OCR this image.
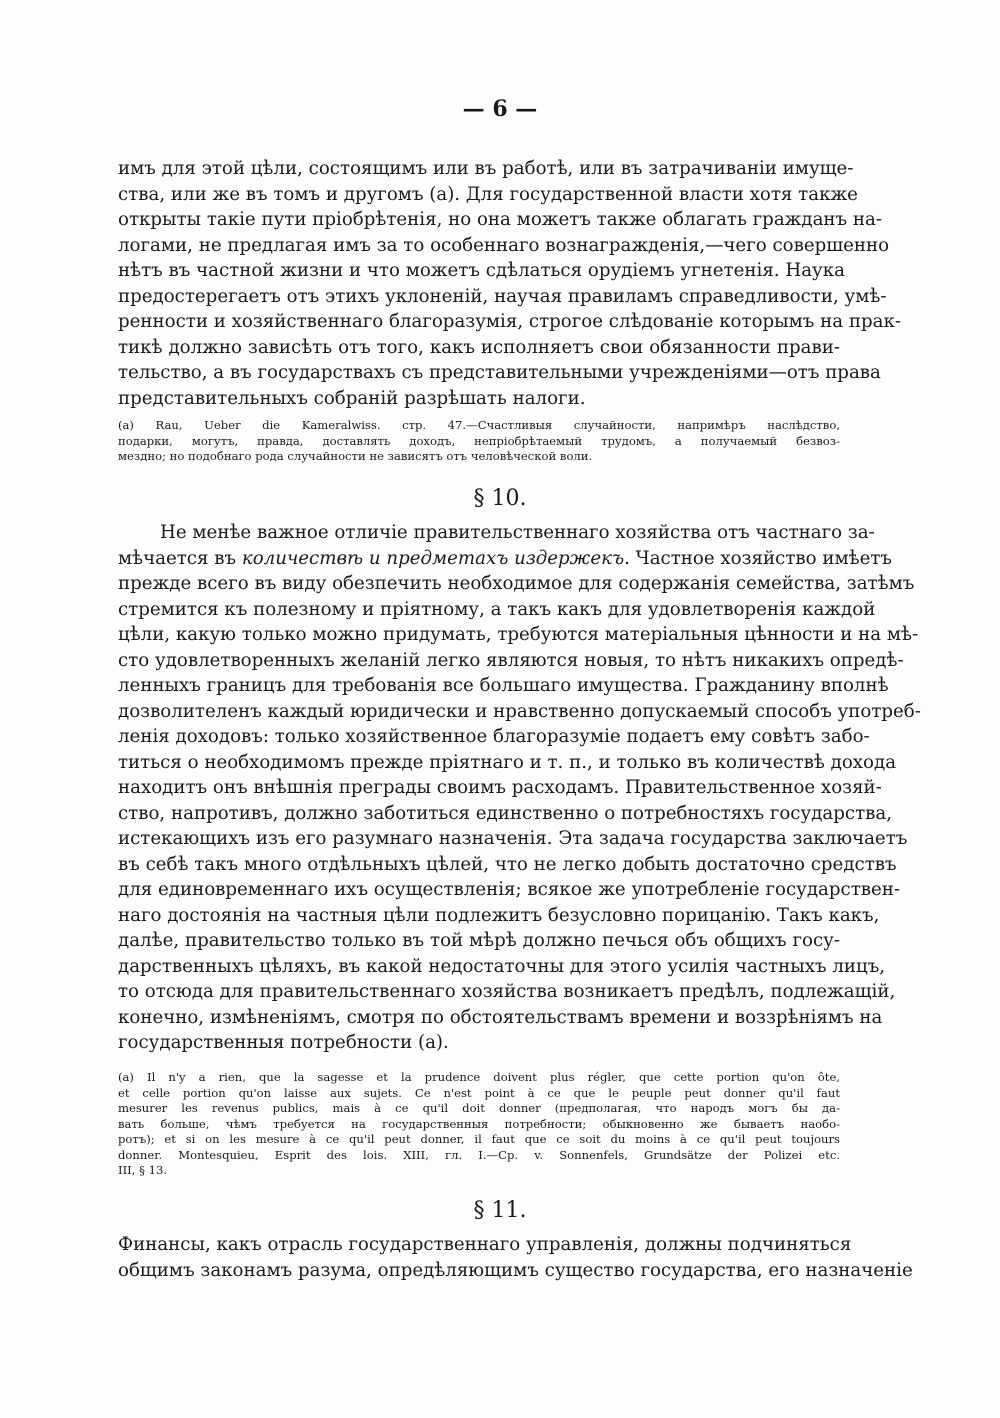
— 6 —
имъ для этой цѣли, состоящимъ или въ работѣ, или въ затрачиваніи имущe-
ства, или же въ томъ и другомъ (а). Для государственной власти хотя также
открыты такіе пути пріобрѣтенія, но она можетъ также облагать гражданъ на-
логами, не предлагая имъ за то особеннаго вознагражденія,—чего совершенно
нѣтъ въ частной жизни и что можетъ сдѣлаться орудіемъ угнетенія. Наука
предостерегаетъ отъ этихъ уклоненій, научая правиламъ справедливости, умѣ-
ренности и хозяйственнаго благоразумія, строгое слѣдованіе которымъ на прак-
тикѣ должно зависѣть отъ того, какъ исполняетъ свои обязанности прави-
тельство, а въ государствахъ съ представительными учрежденіями—отъ права
представительныхъ собраній разрѣшать налоги.
(а) Rau, Ueber die Kameralwiss. стр. 47.—Счастливыя случайности, напримѣръ наслѣдство,
подарки, могутъ, правда, доставлять доходъ, непріобрѣтаемый трудомъ, а получаемый безвоз-
мездно; но подобнаго рода случайности не зависятъ отъ человѣческой воли.
§ 10.
Не менѣе важное отличіе правительственнаго хозяйства отъ частнаго за-
мѣчается въ количествѣ и предметахъ издержекъ. Частное хозяйство имѣетъ
прежде всего въ виду обезпечить необходимое для содержанія семейства, затѣмъ
стремится къ полезному и пріятному, а такъ какъ для удовлетворенія каждой
цѣли, какую только можно придумать, требуются матеріальныя цѣнности и на мѣ-
сто удовлетворенныхъ желаній легко являются новыя, то нѣтъ никакихъ опредѣ-
ленныхъ границъ для требованія все большаго имущества. Гражданину вполнѣ
дозволителенъ каждый юридически и нравственно допускаемый способъ употреб-
ленія доходовъ: только хозяйственное благоразуміе подаетъ ему совѣтъ забо-
титься о необходимомъ прежде пріятнаго и т. п., и только въ количествѣ дохода
находитъ онъ внѣшнія преграды своимъ расходамъ. Правительственное хозяй-
ство, напротивъ, должно заботиться единственно о потребностяхъ государства,
истекающихъ изъ его разумнаго назначенія. Эта задача государства заключаетъ
въ себѣ такъ много отдѣльныхъ цѣлей, что не легко добыть достаточно средствъ
для единовременнаго ихъ осуществленія; всякое же употребленіе государствен-
наго достоянія на частныя цѣли подлежитъ безусловно порицанію. Такъ какъ,
далѣе, правительство только въ той мѣрѣ должно печься объ общихъ госу-
дарственныхъ цѣляхъ, въ какой недостаточны для этого усилія частныхъ лицъ,
то отсюда для правительственнаго хозяйства возникаетъ предѣлъ, подлежащій,
конечно, измѣненіямъ, смотря по обстоятельствамъ времени и воззрѣніямъ на
государственныя потребности (а).
(а) Il n'y a rien, que la sagesse et la prudence doivent plus régler, que cette portion qu'on ôte,
et celle portion qu'on laisse aux sujets. Ce n'est point à ce que le peuple peut donner qu'il faut
mesurer les revenus publics, mais à ce qu'il doit donner (предполагая, что народъ могъ бы да-
вать больше, чѣмъ требуется на государственныя потребности; обыкновенно же бываетъ наобо-
ротъ); et si on les mesure à ce qu'il peut donner, il faut que ce soit du moins à ce qu'il peut toujours
donner. Montesquieu, Esprit des lois. XIII, гл. I.—Ср. v. Sonnenfels, Grundsätze der Polizei etc.
III, § 13.
§ 11.
Финансы, какъ отрасль государственнаго управленія, должны подчиняться
общимъ законамъ разума, опредѣляющимъ существо государства, его назначеніе
